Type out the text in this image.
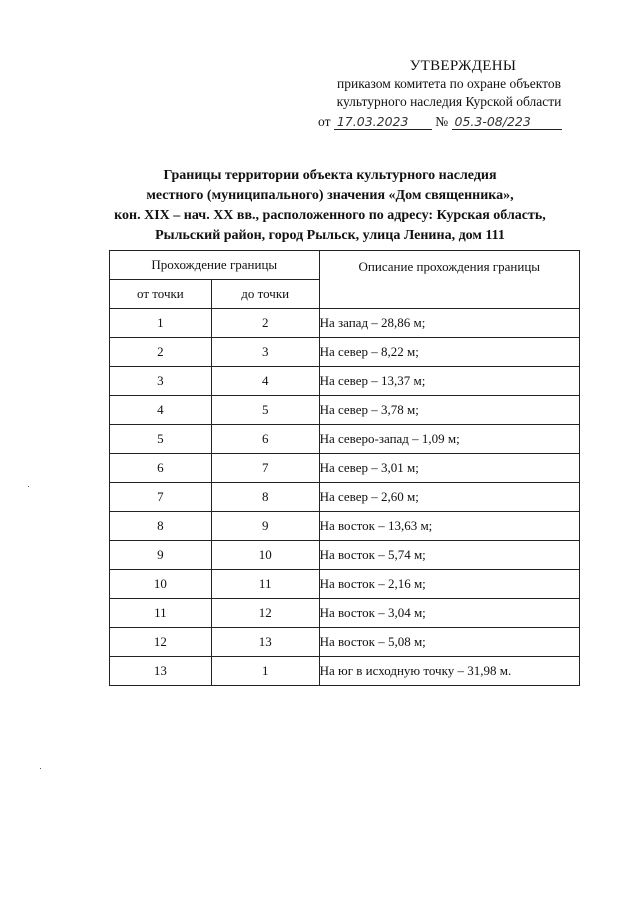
УТВЕРЖДЕНЫ
приказом комитета по охране объектов
культурного наследия Курской области
от 17.03.2023 № 05.3-08/223
Границы территории объекта культурного наследия
местного (муниципального) значения «Дом священника»,
кон. XIX – нач. XX вв., расположенного по адресу: Курская область,
Рыльский район, город Рыльск, улица Ленина, дом 111
Прохождение границы		Описание прохождения границы
от точки	до точки	
1	2	На запад – 28,86 м;
2	3	На север – 8,22 м;
3	4	На север – 13,37 м;
4	5	На север – 3,78 м;
5	6	На северо-запад – 1,09 м;
6	7	На север – 3,01 м;
7	8	На север – 2,60 м;
8	9	На восток – 13,63 м;
9	10	На восток – 5,74 м;
10	11	На восток – 2,16 м;
11	12	На восток – 3,04 м;
12	13	На восток – 5,08 м;
13	1	На юг в исходную точку – 31,98 м.
